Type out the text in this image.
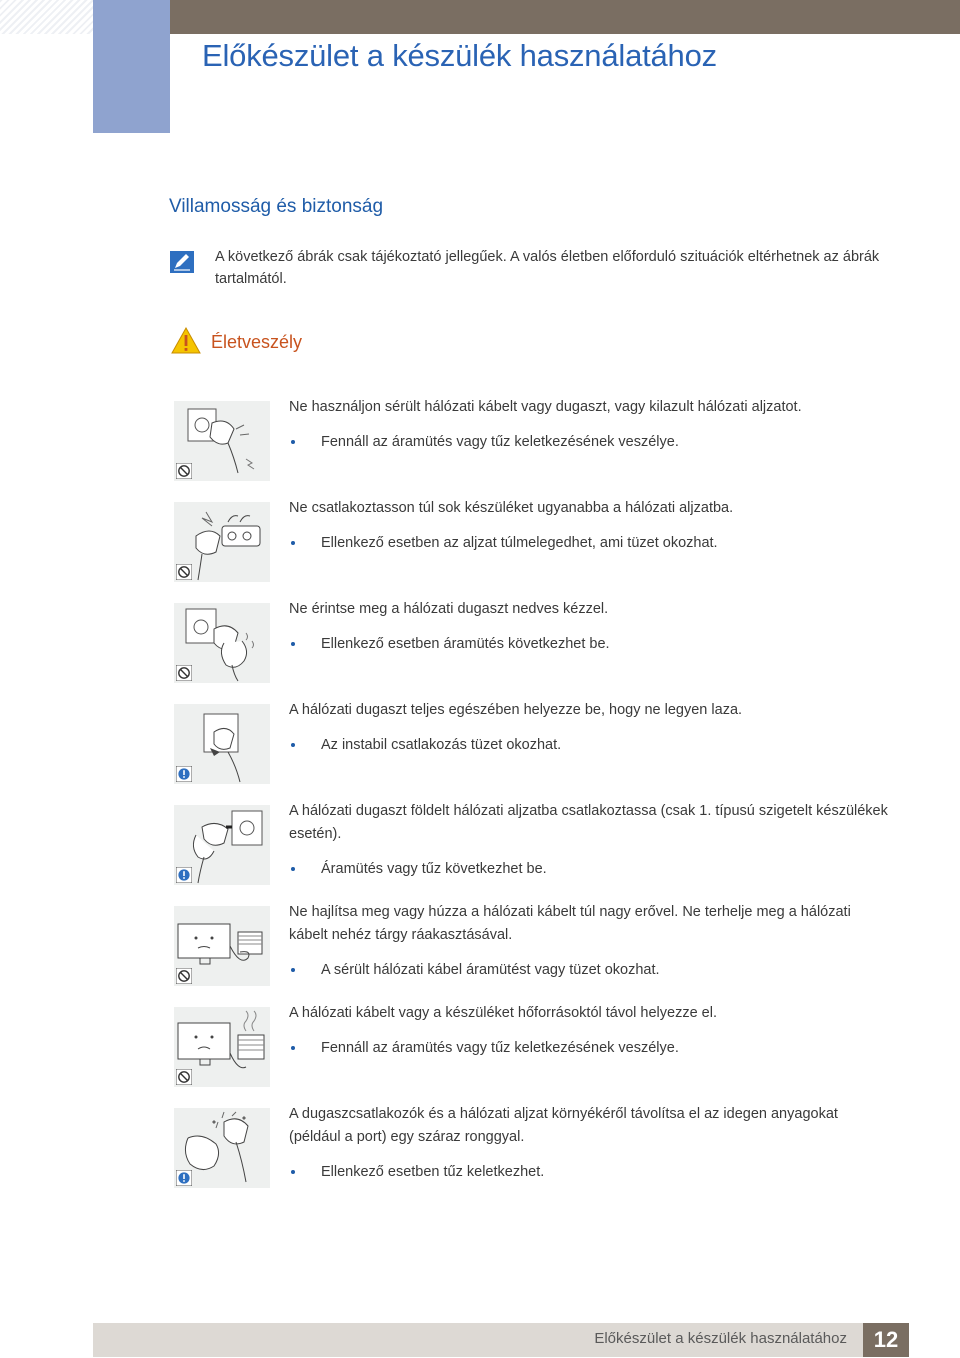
Előkészület a készülék használatához
Villamosság és biztonság
A következő ábrák csak tájékoztató jellegűek. A valós életben előforduló szituációk eltérhetnek az ábrák tartalmától.
Életveszély
Ne használjon sérült hálózati kábelt vagy dugaszt, vagy kilazult hálózati aljzatot.
Fennáll az áramütés vagy tűz keletkezésének veszélye.
Ne csatlakoztasson túl sok készüléket ugyanabba a hálózati aljzatba.
Ellenkező esetben az aljzat túlmelegedhet, ami tüzet okozhat.
Ne érintse meg a hálózati dugaszt nedves kézzel.
Ellenkező esetben áramütés következhet be.
A hálózati dugaszt teljes egészében helyezze be, hogy ne legyen laza.
Az instabil csatlakozás tüzet okozhat.
A hálózati dugaszt földelt hálózati aljzatba csatlakoztassa (csak 1. típusú szigetelt készülékek esetén).
Áramütés vagy tűz következhet be.
Ne hajlítsa meg vagy húzza a hálózati kábelt túl nagy erővel. Ne terhelje meg a hálózati kábelt nehéz tárgy ráakasztásával.
A sérült hálózati kábel áramütést vagy tüzet okozhat.
A hálózati kábelt vagy a készüléket hőforrásoktól távol helyezze el.
Fennáll az áramütés vagy tűz keletkezésének veszélye.
A dugaszcsatlakozók és a hálózati aljzat környékéről távolítsa el az idegen anyagokat (például a port) egy száraz ronggyal.
Ellenkező esetben tűz keletkezhet.
Előkészület a készülék használatához	12
